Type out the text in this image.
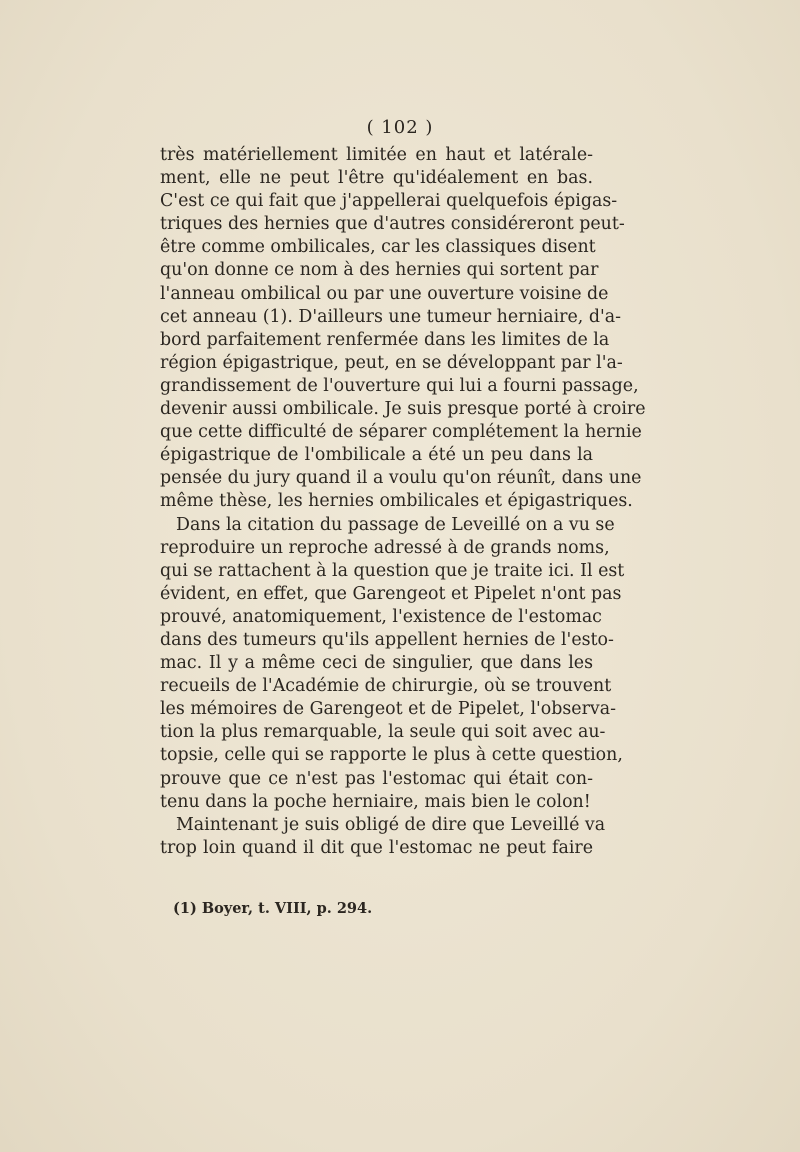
( 102 )
très matériellement limitée en haut et latérale-
ment, elle ne peut l'être qu'idéalement en bas.
C'est ce qui fait que j'appellerai quelquefois épigas-
triques des hernies que d'autres considéreront peut-
être comme ombilicales, car les classiques disent
qu'on donne ce nom à des hernies qui sortent par
l'anneau ombilical ou par une ouverture voisine de
cet anneau (1). D'ailleurs une tumeur herniaire, d'a-
bord parfaitement renfermée dans les limites de la
région épigastrique, peut, en se développant par l'a-
grandissement de l'ouverture qui lui a fourni passage,
devenir aussi ombilicale. Je suis presque porté à croire
que cette difficulté de séparer complétement la hernie
épigastrique de l'ombilicale a été un peu dans la
pensée du jury quand il a voulu qu'on réunît, dans une
même thèse, les hernies ombilicales et épigastriques.
Dans la citation du passage de Leveillé on a vu se
reproduire un reproche adressé à de grands noms,
qui se rattachent à la question que je traite ici. Il est
évident, en effet, que Garengeot et Pipelet n'ont pas
prouvé, anatomiquement, l'existence de l'estomac
dans des tumeurs qu'ils appellent hernies de l'esto-
mac. Il y a même ceci de singulier, que dans les
recueils de l'Académie de chirurgie, où se trouvent
les mémoires de Garengeot et de Pipelet, l'observa-
tion la plus remarquable, la seule qui soit avec au-
topsie, celle qui se rapporte le plus à cette question,
prouve que ce n'est pas l'estomac qui était con-
tenu dans la poche herniaire, mais bien le colon!
Maintenant je suis obligé de dire que Leveillé va
trop loin quand il dit que l'estomac ne peut faire
(1) Boyer, t. VIII, p. 294.
